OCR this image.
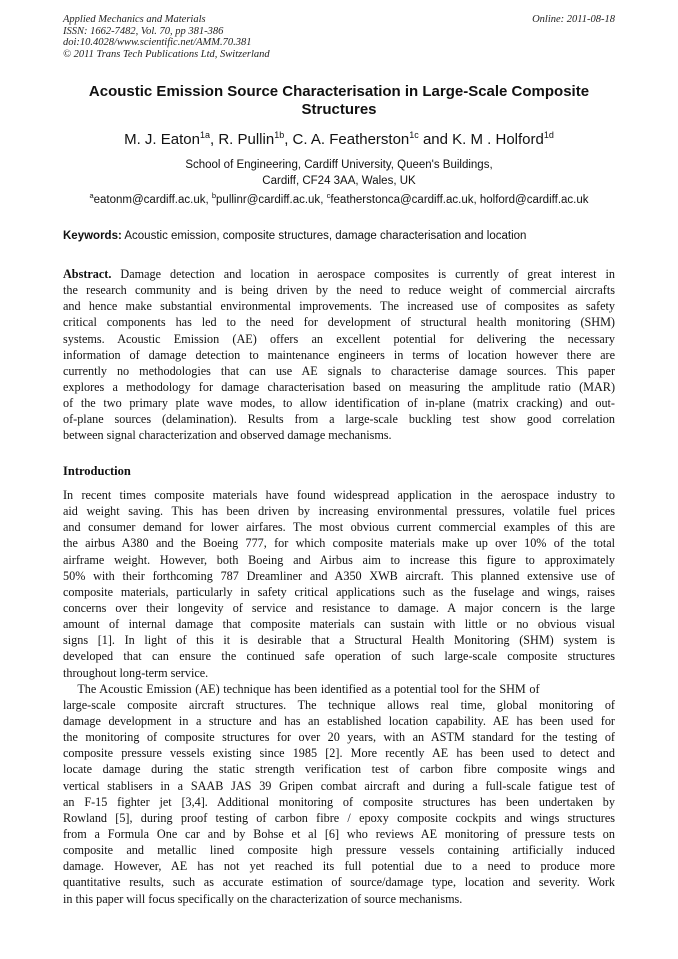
Applied Mechanics and Materials
ISSN: 1662-7482, Vol. 70, pp 381-386
doi:10.4028/www.scientific.net/AMM.70.381
© 2011 Trans Tech Publications Ltd, Switzerland
Online: 2011-08-18
Acoustic Emission Source Characterisation in Large-Scale Composite
Structures
M. J. Eaton$^{1a}$, R. Pullin$^{1b}$, C. A. Featherston$^{1c}$ and K. M . Holford$^{1d}$
School of Engineering, Cardiff University, Queen's Buildings,
Cardiff, CF24 3AA, Wales, UK
$^a$eatonm@cardiff.ac.uk, $^b$pullinr@cardiff.ac.uk, $^c$featherstonca@cardiff.ac.uk, holford@cardiff.ac.uk
Keywords: Acoustic emission, composite structures, damage characterisation and location
Abstract. Damage detection and location in aerospace composites is currently of great interest in
the research community and is being driven by the need to reduce weight of commercial aircrafts
and hence make substantial environmental improvements. The increased use of composites as safety
critical components has led to the need for development of structural health monitoring (SHM)
systems. Acoustic Emission (AE) offers an excellent potential for delivering the necessary
information of damage detection to maintenance engineers in terms of location however there are
currently no methodologies that can use AE signals to characterise damage sources. This paper
explores a methodology for damage characterisation based on measuring the amplitude ratio (MAR)
of the two primary plate wave modes, to allow identification of in-plane (matrix cracking) and out-
of-plane sources (delamination). Results from a large-scale buckling test show good correlation
between signal characterization and observed damage mechanisms.
Introduction
In recent times composite materials have found widespread application in the aerospace industry to
aid weight saving. This has been driven by increasing environmental pressures, volatile fuel prices
and consumer demand for lower airfares. The most obvious current commercial examples of this are
the airbus A380 and the Boeing 777, for which composite materials make up over 10% of the total
airframe weight. However, both Boeing and Airbus aim to increase this figure to approximately
50% with their forthcoming 787 Dreamliner and A350 XWB aircraft. This planned extensive use of
composite materials, particularly in safety critical applications such as the fuselage and wings, raises
concerns over their longevity of service and resistance to damage. A major concern is the large
amount of internal damage that composite materials can sustain with little or no obvious visual
signs [1]. In light of this it is desirable that a Structural Health Monitoring (SHM) system is
developed that can ensure the continued safe operation of such large-scale composite structures
throughout long-term service.
The Acoustic Emission (AE) technique has been identified as a potential tool for the SHM of
large-scale composite aircraft structures. The technique allows real time, global monitoring of
damage development in a structure and has an established location capability. AE has been used for
the monitoring of composite structures for over 20 years, with an ASTM standard for the testing of
composite pressure vessels existing since 1985 [2]. More recently AE has been used to detect and
locate damage during the static strength verification test of carbon fibre composite wings and
vertical stablisers in a SAAB JAS 39 Gripen combat aircraft and during a full-scale fatigue test of
an F-15 fighter jet [3,4]. Additional monitoring of composite structures has been undertaken by
Rowland [5], during proof testing of carbon fibre / epoxy composite cockpits and wings structures
from a Formula One car and by Bohse et al [6] who reviews AE monitoring of pressure tests on
composite and metallic lined composite high pressure vessels containing artificially induced
damage. However, AE has not yet reached its full potential due to a need to produce more
quantitative results, such as accurate estimation of source/damage type, location and severity. Work
in this paper will focus specifically on the characterization of source mechanisms.
